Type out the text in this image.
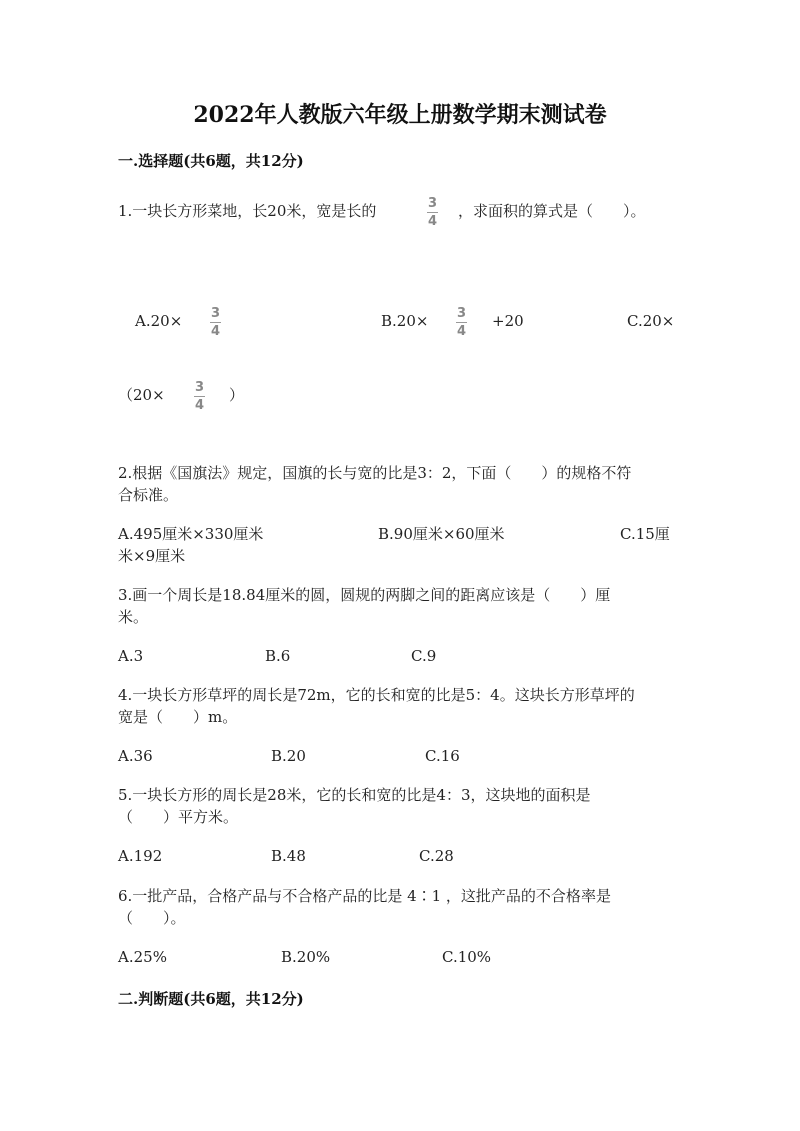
2022年人教版六年级上册数学期末测试卷
一.选择题(共6题，共12分)
1.一块长方形菜地，长20米，宽是长的	3
4
，求面积的算式是（　　）。
A.20× 3
4
B.20× 3
4
+20	C.20×
（20× 3
4
）
2.根据《国旗法》规定，国旗的长与宽的比是3：2，下面（　　）的规格不符
合标准。
A.495厘米×330厘米	B.90厘米×60厘米	C.15厘
米×9厘米
3.画一个周长是18.84厘米的圆，圆规的两脚之间的距离应该是（　　）厘
米。
A.3	B.6	C.9
4.一块长方形草坪的周长是72m，它的长和宽的比是5：4。这块长方形草坪的
宽是（　　）m。
A.36	B.20	C.16
5.一块长方形的周长是28米，它的长和宽的比是4：3，这块地的面积是
（　　）平方米。
A.192	B.48	C.28
6.一批产品，合格产品与不合格产品的比是 4∶1 ，这批产品的不合格率是
（　　）。
A.25%	B.20%	C.10%
二.判断题(共6题，共12分)
